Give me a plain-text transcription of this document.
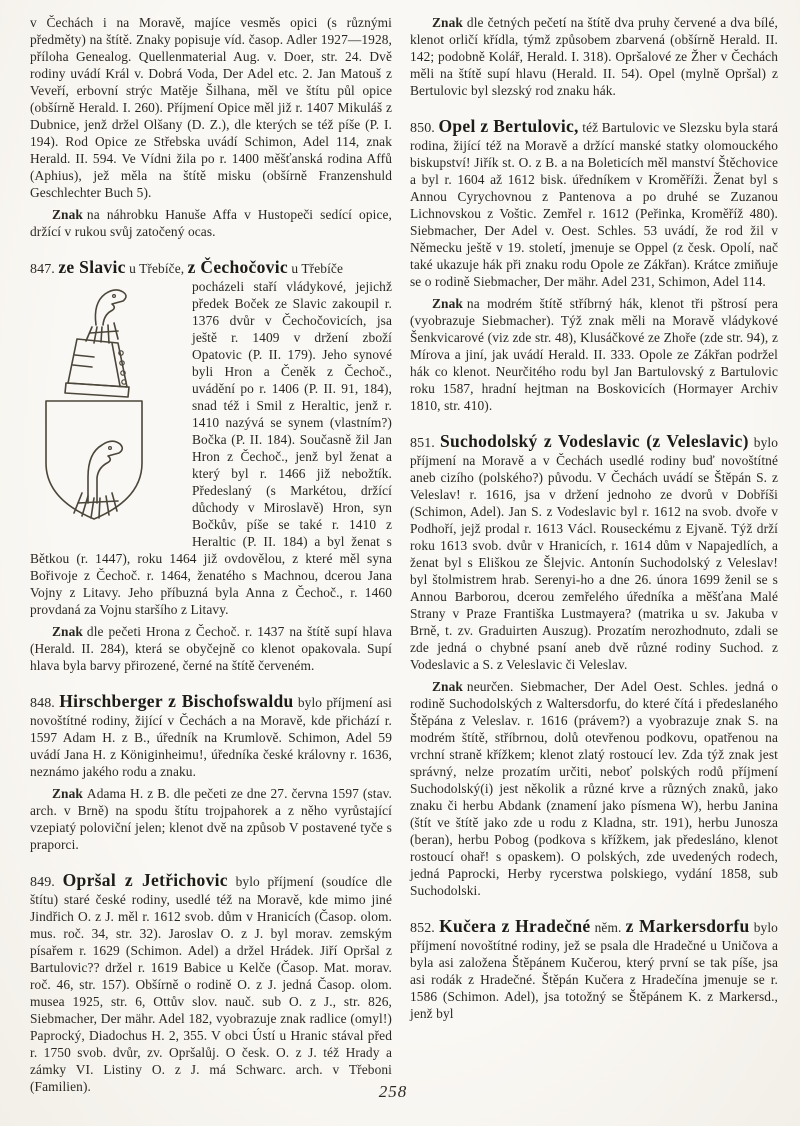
v Čechách i na Moravě, majíce vesměs opici (s různými předměty) na štítě. Znaky popisuje víd. časop. Adler 1927—1928, příloha Genealog. Quellenmaterial Aug. v. Doer, str. 24. Dvě rodiny uvádí Král v. Dobrá Voda, Der Adel etc. 2. Jan Matouš z Veveří, erbovní strýc Matěje Šilhana, měl ve štítu půl opice (obšírně Herald. I. 260). Příjmení Opice měl již r. 1407 Mikuláš z Dubnice, jenž držel Olšany (D. Z.), dle kterých se též píše (P. I. 194). Rod Opice ze Střebska uvádí Schimon, Adel 114, znak Herald. II. 594. Ve Vídni žila po r. 1400 měšťanská rodina Affů (Aphius), jež měla na štítě misku (obšírně Franzenshuld Geschlechter Buch 5).

Znak na náhrobku Hanuše Affa v Hustopeči sedící opice, držící v rukou svůj zatočený ocas.

847. ze Slavic u Třebíče, z Čechočovic u Třebíče

pocházeli staří vládykové, jejichž předek Boček ze Slavic zakoupil r. 1376 dvůr v Čechočovicích, jsa ještě r. 1409 v držení zboží Opatovic (P. II. 179). Jeho synové byli Hron a Čeněk z Čechoč., uvádění po r. 1406 (P. II. 91, 184), snad též i Smil z Heraltic, jenž r. 1410 nazývá se synem (vlastním?) Bočka (P. II. 184). Současně žil Jan Hron z Čechoč., jenž byl ženat a který byl r. 1466 již nebožtík. Předeslaný (s Markétou, držící důchody v Miroslavě) Hron, syn Bočkův, píše se také r. 1410 z Heraltic (P. II. 184) a byl ženat s Bětkou (r. 1447), roku 1464 již ovdovělou, z které měl syna Bořivoje z Čechoč. r. 1464, ženatého s Machnou, dcerou Jana Vojny z Litavy. Jeho příbuzná byla Anna z Čechoč., r. 1460 provdaná za Vojnu staršího z Litavy.

Znak dle pečeti Hrona z Čechoč. r. 1437 na štítě supí hlava (Herald. II. 284), která se obyčejně co klenot opakovala. Supí hlava byla barvy přirozené, černé na štítě červeném.

848. Hirschberger z Bischofswaldu bylo příjmení asi novoštítné rodiny, žijící v Čechách a na Moravě, kde přichází r. 1597 Adam H. z B., úředník na Krumlově. Schimon, Adel 59 uvádí Jana H. z Königinheimu!, úředníka české královny r. 1636, neznámo jakého rodu a znaku.

Znak Adama H. z B. dle pečeti ze dne 27. června 1597 (stav. arch. v Brně) na spodu štítu trojpahorek a z něho vyrůstající vzepiatý poloviční jelen; klenot dvě na způsob V postavené tyče s praporci.

849. Opršal z Jetřichovic bylo příjmení (soudíce dle štítu) staré české rodiny, usedlé též na Moravě, kde mimo jiné Jindřich O. z J. měl r. 1612 svob. dům v Hranicích (Časop. olom. mus. roč. 34, str. 32). Jaroslav O. z J. byl morav. zemským písařem r. 1629 (Schimon. Adel) a držel Hrádek. Jiří Opršal z Bartulovic?? držel r. 1619 Babice u Kelče (Časop. Mat. morav. roč. 46, str. 157). Obšírně o rodině O. z J. jedná Časop. olom. musea 1925, str. 6, Ottův slov. nauč. sub O. z J., str. 826, Siebmacher, Der mähr. Adel 182, vyobrazuje znak radlice (omyl!) Paprocký, Diadochus H. 2, 355. V obci Ústí u Hranic stával před r. 1750 svob. dvůr, zv. Opršalůj. O česk. O. z J. též Hrady a zámky VI. Listiny O. z J. má Schwarc. arch. v Třeboni (Familien).

Znak dle četných pečetí na štítě dva pruhy červené a dva bílé, klenot orličí křídla, týmž způsobem zbarvená (obšírně Herald. II. 142; podobně Kolář, Herald. I. 318). Opršalové ze Žher v Čechách měli na štítě supí hlavu (Herald. II. 54). Opel (mylně Opršal) z Bertulovic byl slezský rod znaku hák.

850. Opel z Bertulovic, též Bartulovic ve Slezsku byla stará rodina, žijící též na Moravě a držící manské statky olomouckého biskupství! Jiřík st. O. z B. a na Boleticích měl manství Štěchovice a byl r. 1604 až 1612 bisk. úředníkem v Kroměříži. Ženat byl s Annou Cyrychovnou z Pantenova a po druhé se Zuzanou Lichnovskou z Voštic. Zemřel r. 1612 (Peřinka, Kroměříž 480). Siebmacher, Der Adel v. Oest. Schles. 53 uvádí, že rod žil v Německu ještě v 19. století, jmenuje se Oppel (z česk. Opolí, nač také ukazuje hák při znaku rodu Opole ze Zákřan). Krátce zmiňuje se o rodině Siebmacher, Der mähr. Adel 231, Schimon, Adel 114.

Znak na modrém štítě stříbrný hák, klenot tři pštrosí pera (vyobrazuje Siebmacher). Týž znak měli na Moravě vládykové Šenkvicarové (viz zde str. 48), Klusáčkové ze Zhoře (zde str. 94), z Mírova a jiní, jak uvádí Herald. II. 333. Opole ze Zákřan podržel hák co klenot. Neurčitého rodu byl Jan Bartulovský z Bartulovic roku 1587, hradní hejtman na Boskovicích (Hormayer Archiv 1810, str. 410).

851. Suchodolský z Vodeslavic (z Veleslavic) bylo příjmení na Moravě a v Čechách usedlé rodiny buď novoštítné aneb cizího (polského?) původu. V Čechách uvádí se Štěpán S. z Veleslav! r. 1616, jsa v držení jednoho ze dvorů v Dobříši (Schimon, Adel). Jan S. z Vodeslavic byl r. 1612 na svob. dvoře v Podhoří, jejž prodal r. 1613 Václ. Rouseckému z Ejvaně. Týž drží roku 1613 svob. dvůr v Hranicích, r. 1614 dům v Napajedlích, a ženat byl s Eliškou ze Šlejvic. Antonín Suchodolský z Veleslav! byl štolmistrem hrab. Serenyi-ho a dne 26. února 1699 ženil se s Annou Barborou, dcerou zemřelého úředníka a měšťana Malé Strany v Praze Františka Lustmayera? (matrika u sv. Jakuba v Brně, t. zv. Graduirten Auszug). Prozatím nerozhodnuto, zdali se zde jedná o chybné psaní aneb dvě různé rodiny Suchod. z Vodeslavic a S. z Veleslavic či Veleslav.

Znak neurčen. Siebmacher, Der Adel Oest. Schles. jedná o rodině Suchodolských z Waltersdorfu, do které čítá i předeslaného Štěpána z Veleslav. r. 1616 (právem?) a vyobrazuje znak S. na modrém štítě, stříbrnou, dolů otevřenou podkovu, opatřenou na vrchní straně křížkem; klenot zlatý rostoucí lev. Zda týž znak jest správný, nelze prozatím určiti, neboť polských rodů příjmení Suchodolský(i) jest několik a různé krve a různých znaků, jako znaku či herbu Abdank (znamení jako písmena W), herbu Janina (štít ve štítě jako zde u rodu z Kladna, str. 191), herbu Junosza (beran), herbu Pobog (podkova s křížkem, jak předesláno, klenot rostoucí ohař! s opaskem). O polských, zde uvedených rodech, jedná Paprocki, Herby rycerstwa polskiego, vydání 1858, sub Suchodolski.

852. Kučera z Hradečné něm. z Markersdorfu bylo příjmení novoštítné rodiny, jež se psala dle Hradečné u Uničova a byla asi založena Štěpánem Kučerou, který první se tak píše, jsa asi rodák z Hradečné. Štěpán Kučera z Hradečína jmenuje se r. 1586 (Schimon. Adel), jsa totožný se Štěpánem K. z Markersd., jenž byl

258
